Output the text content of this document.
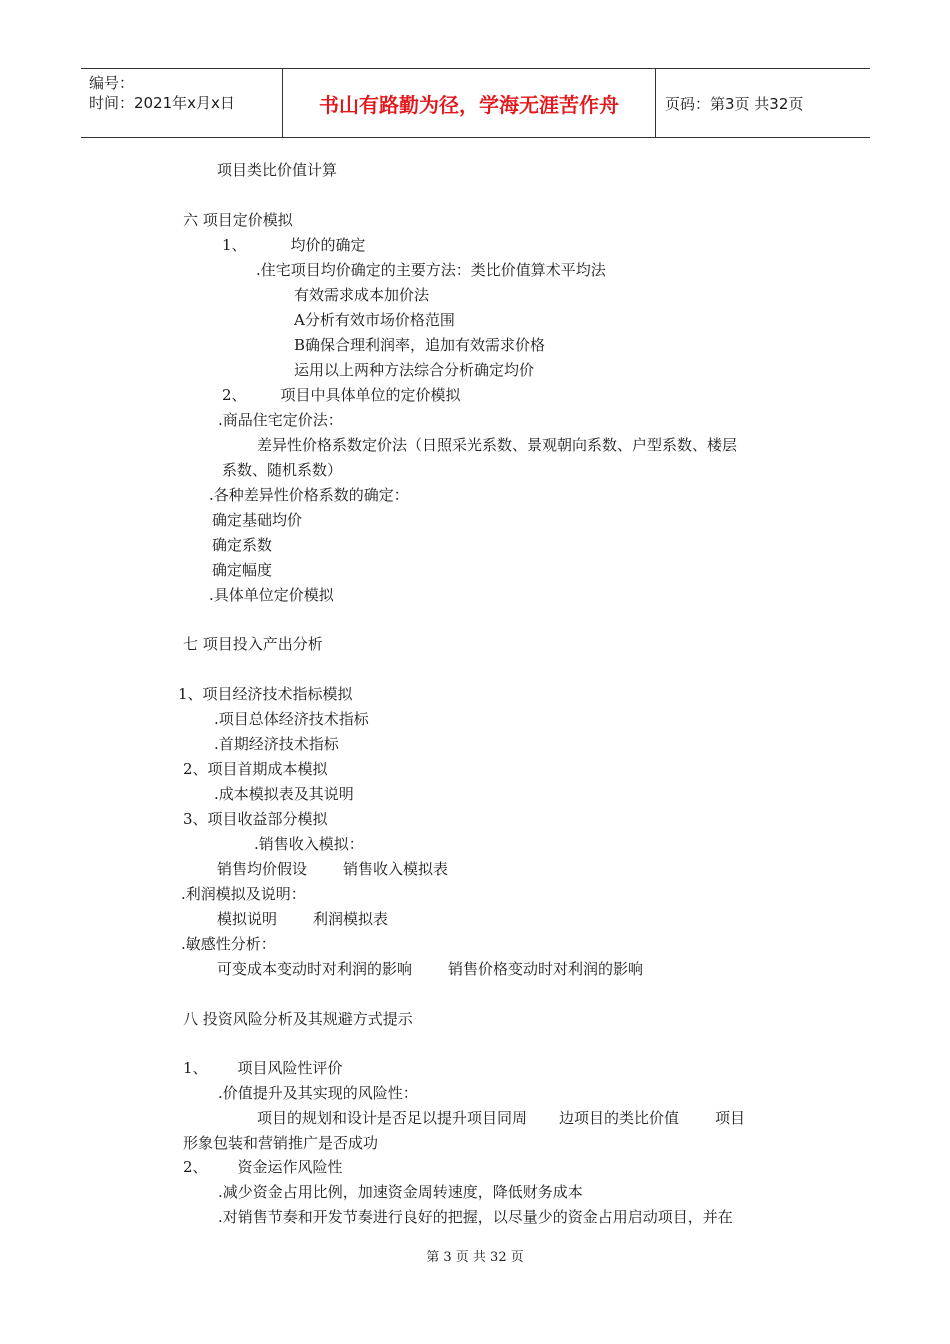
编号：
时间：2021年x月x日	书山有路勤为径，学海无涯苦作舟	页码：第3页 共32页
项目类比价值计算
六 项目定价模拟
1、	均价的确定
.住宅项目均价确定的主要方法：类比价值算术平均法
有效需求成本加价法
A分析有效市场价格范围
B确保合理利润率，追加有效需求价格
运用以上两种方法综合分析确定均价
2、 项目中具体单位的定价模拟
.商品住宅定价法：
差异性价格系数定价法（日照采光系数、景观朝向系数、户型系数、楼层
系数、随机系数）
.各种差异性价格系数的确定：
确定基础均价
确定系数
确定幅度
.具体单位定价模拟
七 项目投入产出分析
1、项目经济技术指标模拟
.项目总体经济技术指标
.首期经济技术指标
2、项目首期成本模拟
.成本模拟表及其说明
3、项目收益部分模拟
.销售收入模拟：
销售均价假设 销售收入模拟表
.利润模拟及说明：
模拟说明 利润模拟表
.敏感性分析：
可变成本变动时对利润的影响 销售价格变动时对利润的影响
八 投资风险分析及其规避方式提示
1、 项目风险性评价
.价值提升及其实现的风险性：
项目的规划和设计是否足以提升项目同周 边项目的类比价值 项目
形象包装和营销推广是否成功
2、 资金运作风险性
.减少资金占用比例，加速资金周转速度，降低财务成本
.对销售节奏和开发节奏进行良好的把握，以尽量少的资金占用启动项目，并在
第 3 页 共 32 页
